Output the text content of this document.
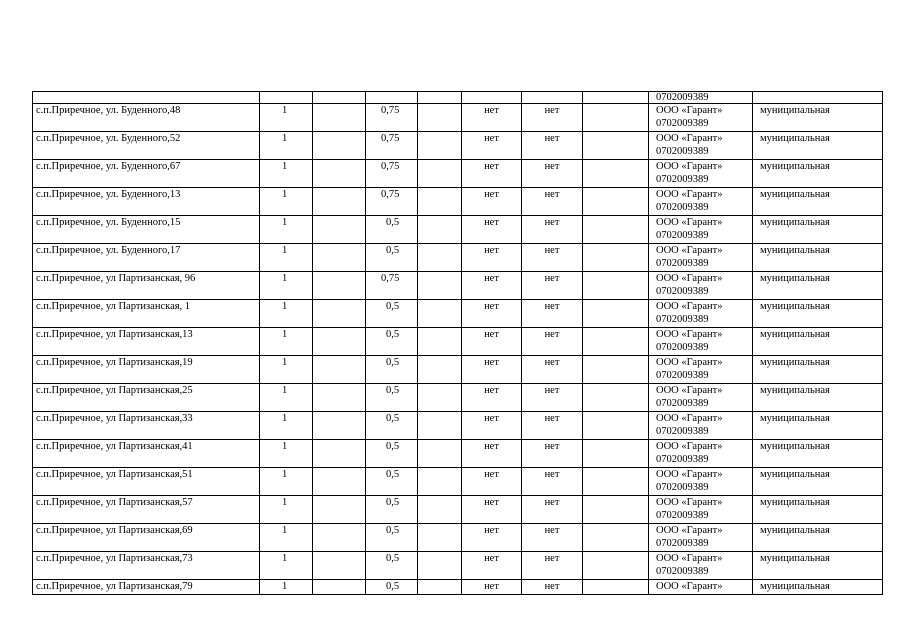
								0702009389	
с.п.Приречное, ул. Буденного,48	1		0,75		нет	нет		ООО «Гарант»
0702009389	муниципальная
с.п.Приречное, ул. Буденного,52	1		0,75		нет	нет		ООО «Гарант»
0702009389	муниципальная
с.п.Приречное, ул. Буденного,67	1		0,75		нет	нет		ООО «Гарант»
0702009389	муниципальная
с.п.Приречное, ул. Буденного,13	1		0,75		нет	нет		ООО «Гарант»
0702009389	муниципальная
с.п.Приречное, ул. Буденного,15	1		0,5		нет	нет		ООО «Гарант»
0702009389	муниципальная
с.п.Приречное, ул. Буденного,17	1		0,5		нет	нет		ООО «Гарант»
0702009389	муниципальная
с.п.Приречное, ул Партизанская, 96	1		0,75		нет	нет		ООО «Гарант»
0702009389	муниципальная
с.п.Приречное, ул Партизанская, 1	1		0,5		нет	нет		ООО «Гарант»
0702009389	муниципальная
с.п.Приречное, ул Партизанская,13	1		0,5		нет	нет		ООО «Гарант»
0702009389	муниципальная
с.п.Приречное, ул Партизанская,19	1		0,5		нет	нет		ООО «Гарант»
0702009389	муниципальная
с.п.Приречное, ул Партизанская,25	1		0,5		нет	нет		ООО «Гарант»
0702009389	муниципальная
с.п.Приречное, ул Партизанская,33	1		0,5		нет	нет		ООО «Гарант»
0702009389	муниципальная
с.п.Приречное, ул Партизанская,41	1		0,5		нет	нет		ООО «Гарант»
0702009389	муниципальная
с.п.Приречное, ул Партизанская,51	1		0,5		нет	нет		ООО «Гарант»
0702009389	муниципальная
с.п.Приречное, ул Партизанская,57	1		0,5		нет	нет		ООО «Гарант»
0702009389	муниципальная
с.п.Приречное, ул Партизанская,69	1		0,5		нет	нет		ООО «Гарант»
0702009389	муниципальная
с.п.Приречное, ул Партизанская,73	1		0,5		нет	нет		ООО «Гарант»
0702009389	муниципальная
с.п.Приречное, ул Партизанская,79	1		0,5		нет	нет		ООО «Гарант»	муниципальная
